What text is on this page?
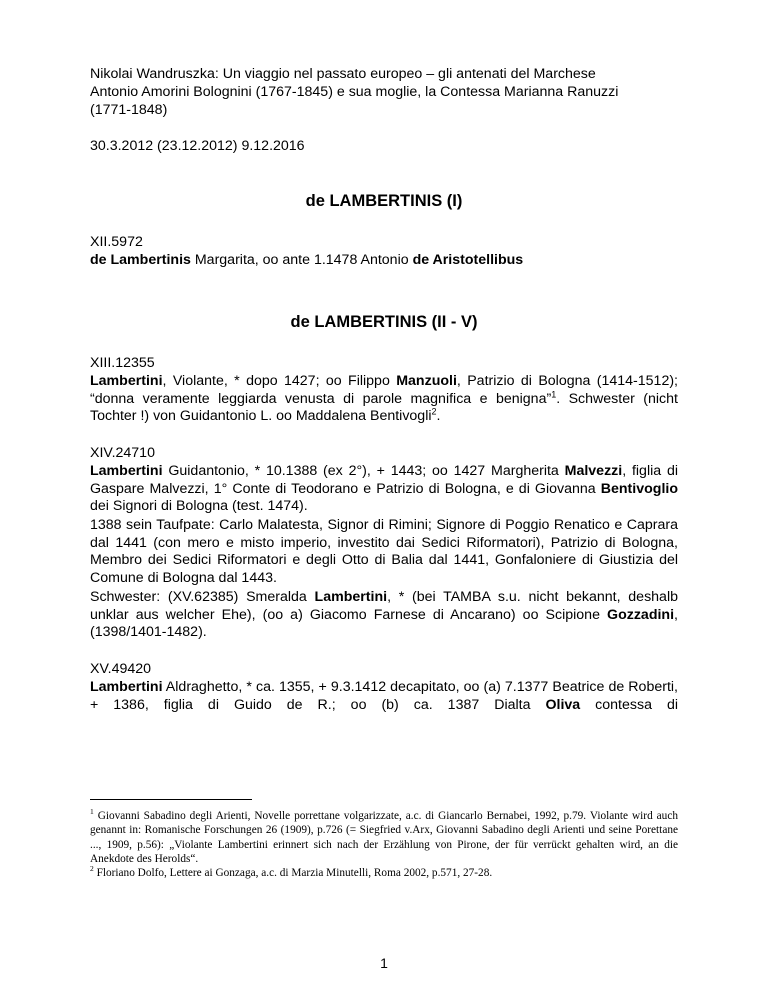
Nikolai Wandruszka: Un viaggio nel passato europeo – gli antenati del Marchese

Antonio Amorini Bolognini (1767-1845) e sua moglie, la Contessa Marianna Ranuzzi

(1771-1848)

30.3.2012 (23.12.2012) 9.12.2016

de LAMBERTINIS (I)

XII.5972

de Lambertinis Margarita, oo ante 1.1478 Antonio de Aristotellibus

de LAMBERTINIS (II - V)

XIII.12355

Lambertini, Violante, * dopo 1427; oo Filippo Manzuoli, Patrizio di Bologna (1414-1512); “donna veramente leggiarda venusta di parole magnifica e benigna”$^1$. Schwester (nicht Tochter !) von Guidantonio L. oo Maddalena Bentivogli$^2$.

XIV.24710

Lambertini Guidantonio, * 10.1388 (ex 2°), + 1443; oo 1427 Margherita Malvezzi, figlia di Gaspare Malvezzi, 1° Conte di Teodorano e Patrizio di Bologna, e di Giovanna Bentivoglio dei Signori di Bologna (test. 1474).

1388 sein Taufpate: Carlo Malatesta, Signor di Rimini; Signore di Poggio Renatico e Caprara dal 1441 (con mero e misto imperio, investito dai Sedici Riformatori), Patrizio di Bologna, Membro dei Sedici Riformatori e degli Otto di Balia dal 1441, Gonfaloniere di Giustizia del Comune di Bologna dal 1443.

Schwester: (XV.62385) Smeralda Lambertini, * (bei TAMBA s.u. nicht bekannt, deshalb unklar aus welcher Ehe), (oo a) Giacomo Farnese di Ancarano) oo Scipione Gozzadini, (1398/1401-1482).

XV.49420

Lambertini Aldraghetto, * ca. 1355, + 9.3.1412 decapitato, oo (a) 7.1377 Beatrice de Roberti, + 1386, figlia di Guido de R.; oo (b) ca. 1387 Dialta Oliva contessa di

$^1$ Giovanni Sabadino degli Arienti, Novelle porrettane volgarizzate, a.c. di Giancarlo Bernabei, 1992, p.79. Violante wird auch genannt in: Romanische Forschungen 26 (1909), p.726 (= Siegfried v.Arx, Giovanni Sabadino degli Arienti und seine Porettane ..., 1909, p.56): „Violante Lambertini erinnert sich nach der Erzählung von Pirone, der für verrückt gehalten wird, an die Anekdote des Herolds“.
$^2$ Floriano Dolfo, Lettere ai Gonzaga, a.c. di Marzia Minutelli, Roma 2002, p.571, 27-28.
1
